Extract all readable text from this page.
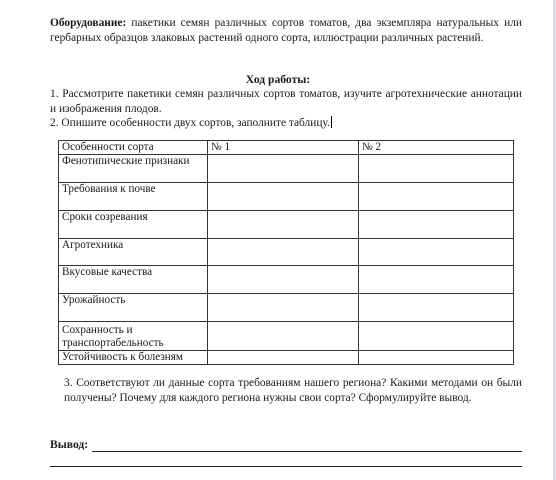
Оборудование: пакетики семян различных сортов томатов, два экземпляра натуральных или гербарных образцов злаковых растений одного сорта, иллюстрации различных растений.
Ход работы:
1. Рассмотрите пакетики семян различных сортов томатов, изучите агротехнические аннотации и изображения плодов.
2. Опишите особенности двух сортов, заполните таблицу.
Особенности сорта	№ 1	№ 2
Фенотипические признаки		
Требования к почве		
Сроки созревания		
Агротехника		
Вкусовые качества		
Урожайность		
Сохранность и транспортабельность		
Устойчивость к болезням		
3. Соответствуют ли данные сорта требованиям нашего региона? Какими методами он были получены? Почему для каждого региона нужны свои сорта? Сформулируйте вывод.
Вывод:
